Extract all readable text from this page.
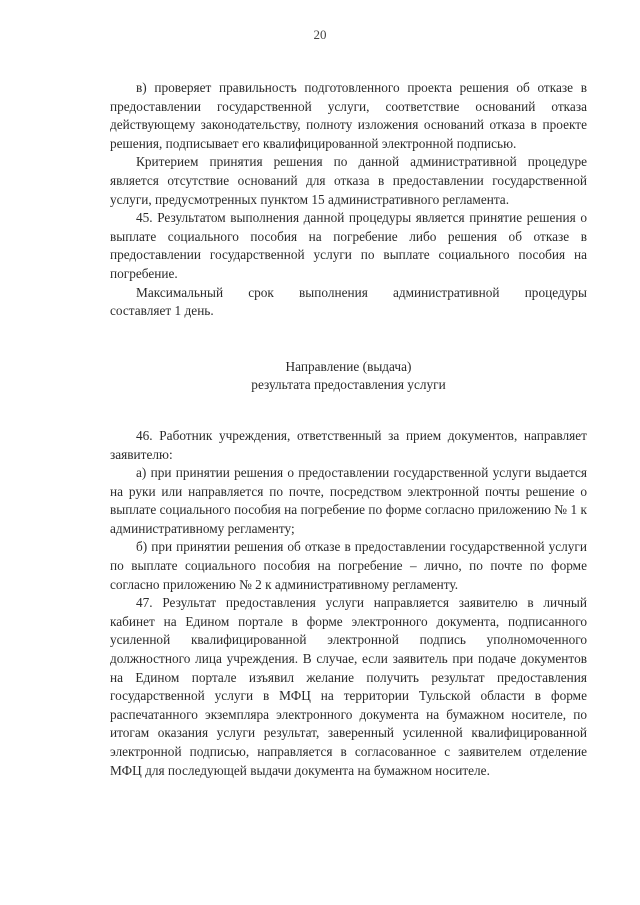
20

в) проверяет правильность подготовленного проекта решения об отказе в предоставлении государственной услуги, соответствие оснований отказа действующему законодательству, полноту изложения оснований отказа в проекте решения, подписывает его квалифицированной электронной подписью.

Критерием принятия решения по данной административной процедуре является отсутствие оснований для отказа в предоставлении государственной услуги, предусмотренных пунктом 15 административного регламента.

45. Результатом выполнения данной процедуры является принятие решения о выплате социального пособия на погребение либо решения об отказе в предоставлении государственной услуги по выплате социального пособия на погребение.

Максимальный срок выполнения административной процедуры

составляет 1 день.

Направление (выдача)
результата предоставления услуги

46. Работник учреждения, ответственный за прием документов, направляет заявителю:

а) при принятии решения о предоставлении государственной услуги выдается на руки или направляется по почте, посредством электронной почты решение о выплате социального пособия на погребение по форме согласно приложению № 1 к административному регламенту;

б) при принятии решения об отказе в предоставлении государственной услуги по выплате социального пособия на погребение – лично, по почте по форме согласно приложению № 2 к административному регламенту.

47. Результат предоставления услуги направляется заявителю в личный кабинет на Едином портале в форме электронного документа, подписанного усиленной квалифицированной электронной подпись уполномоченного должностного лица учреждения. В случае, если заявитель при подаче документов на Едином портале изъявил желание получить результат предоставления государственной услуги в МФЦ на территории Тульской области в форме распечатанного экземпляра электронного документа на бумажном носителе, по итогам оказания услуги результат, заверенный усиленной квалифицированной электронной подписью, направляется в согласованное с заявителем отделение МФЦ для последующей выдачи документа на бумажном носителе.
